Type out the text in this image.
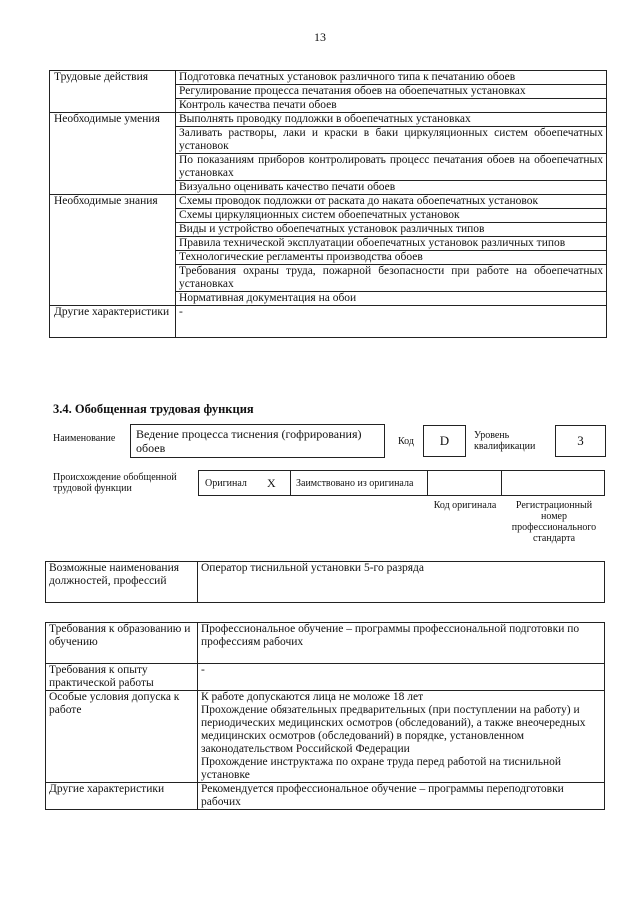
13
Трудовые действия	Подготовка печатных установок различного типа к печатанию обоев
	Регулирование процесса печатания обоев на обоепечатных установках
	Контроль качества печати обоев
Необходимые умения	Выполнять проводку подложки в обоепечатных установках
	Заливать растворы, лаки и краски в баки циркуляционных систем обоепечатных установок
	По показаниям приборов контролировать процесс печатания обоев на обоепечатных установках
	Визуально оценивать качество печати обоев
Необходимые знания	Схемы проводок подложки от раската до наката обоепечатных установок
	Схемы циркуляционных систем обоепечатных установок
	Виды и устройство обоепечатных установок различных типов
	Правила технической эксплуатации обоепечатных установок различных типов
	Технологические регламенты производства обоев
	Требования охраны труда, пожарной безопасности при работе на обоепечатных установках
	Нормативная документация на обои
Другие характеристики	-
3.4. Обобщенная трудовая функция
Наименование	Ведение процесса тиснения (гофрирования) обоев	Код	D	Уровень квалификации	3
Происхождение обобщенной трудовой функции	Оригинал X Заимствовано из оригинала
Код оригинала	Регистрационный номер профессионального стандарта
Возможные наименования должностей, профессий	Оператор тиснильной установки 5-го разряда
Требования к образованию и обучению	Профессиональное обучение – программы профессиональной подготовки по профессиям рабочих

Требования к опыту практической работы	-

Особые условия допуска к работе	К работе допускаются лица не моложе 18 лет
Прохождение обязательных предварительных (при поступлении на работу) и периодических медицинских осмотров (обследований), а также внеочередных медицинских осмотров (обследований) в порядке, установленном законодательством Российской Федерации
Прохождение инструктажа по охране труда перед работой на тиснильной установке

Другие характеристики	Рекомендуется профессиональное обучение – программы переподготовки рабочих
